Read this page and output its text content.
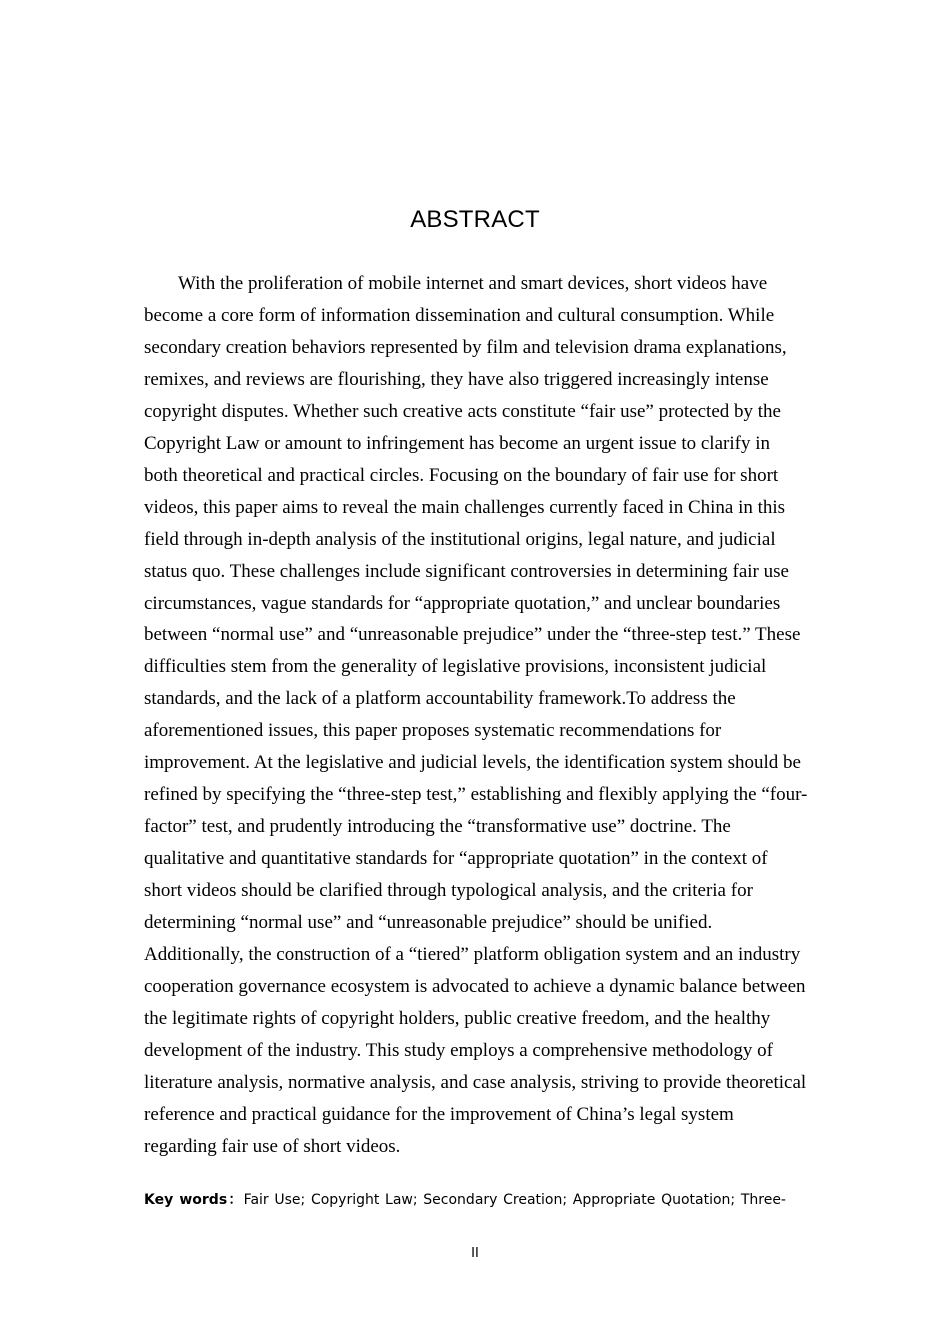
ABSTRACT

With the proliferation of mobile internet and smart devices, short videos have become a core form of information dissemination and cultural consumption. While secondary creation behaviors represented by film and television drama explanations, remixes, and reviews are flourishing, they have also triggered increasingly intense copyright disputes. Whether such creative acts constitute “fair use” protected by the Copyright Law or amount to infringement has become an urgent issue to clarify in both theoretical and practical circles. Focusing on the boundary of fair use for short videos, this paper aims to reveal the main challenges currently faced in China in this field through in-depth analysis of the institutional origins, legal nature, and judicial status quo. These challenges include significant controversies in determining fair use circumstances, vague standards for “appropriate quotation,” and unclear boundaries between “normal use” and “unreasonable prejudice” under the “three-step test.” These difficulties stem from the generality of legislative provisions, inconsistent judicial standards, and the lack of a platform accountability framework.To address the aforementioned issues, this paper proposes systematic recommendations for improvement. At the legislative and judicial levels, the identification system should be refined by specifying the “three-step test,” establishing and flexibly applying the “four-factor” test, and prudently introducing the “transformative use” doctrine. The qualitative and quantitative standards for “appropriate quotation” in the context of short videos should be clarified through typological analysis, and the criteria for determining “normal use” and “unreasonable prejudice” should be unified. Additionally, the construction of a “tiered” platform obligation system and an industry cooperation governance ecosystem is advocated to achieve a dynamic balance between the legitimate rights of copyright holders, public creative freedom, and the healthy development of the industry. This study employs a comprehensive methodology of literature analysis, normative analysis, and case analysis, striving to provide theoretical reference and practical guidance for the improvement of China’s legal system regarding fair use of short videos.

Key words：Fair Use; Copyright Law; Secondary Creation; Appropriate Quotation; Three-
II
